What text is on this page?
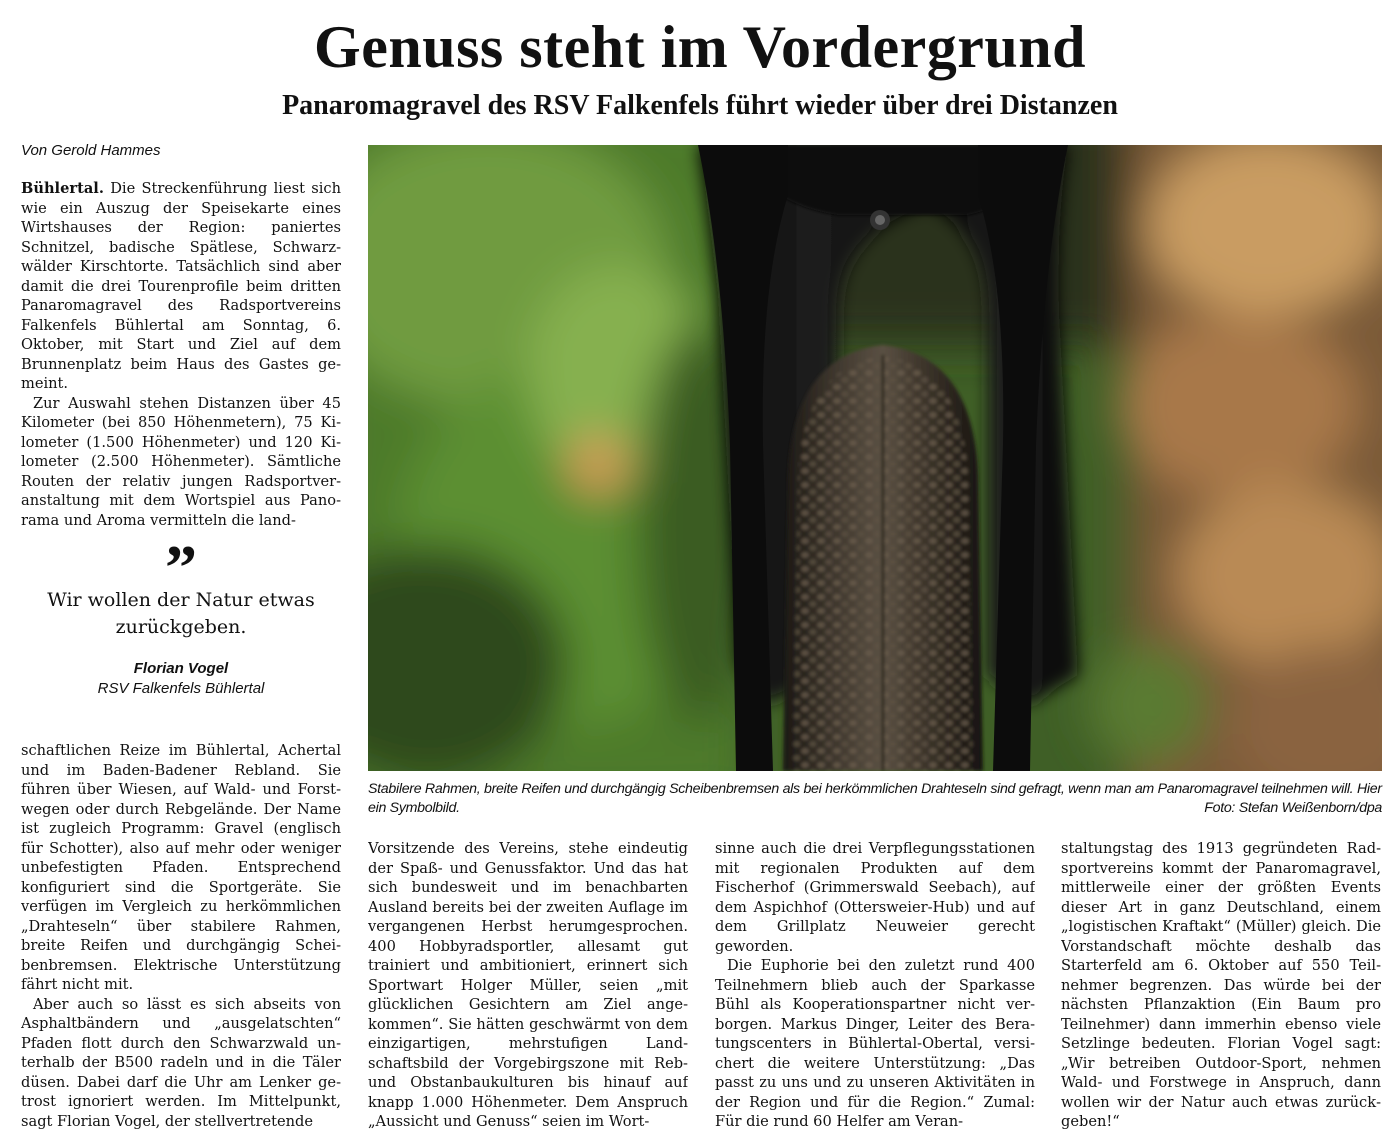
Genuss steht im Vordergrund
Panaromagravel des RSV Falkenfels führt wieder über drei Distanzen
Von Gerold Hammes

Bühlertal. Die Streckenführung liest sich wie ein Auszug der Speisekarte eines Wirtshauses der Region: paniertes Schnitzel, badische Spätlese, Schwarzwälder Kirschtorte. Tatsächlich sind aber damit die drei Tourenprofile beim dritten Panaromagravel des Radsportvereins Falkenfels Bühlertal am Sonntag, 6. Oktober, mit Start und Ziel auf dem Brunnenplatz beim Haus des Gastes gemeint.

Zur Auswahl stehen Distanzen über 45 Kilometer (bei 850 Höhenmetern), 75 Kilometer (1.500 Höhenmeter) und 120 Kilometer (2.500 Höhenmeter). Sämtliche Routen der relativ jungen Radsportveranstaltung mit dem Wortspiel aus Panorama und Aroma vermitteln die land-

”
Wir wollen der Natur etwas zurückgeben.
Florian Vogel
RSV Falkenfels Bühlertal

schaftlichen Reize im Bühlertal, Achertal und im Baden-Badener Rebland. Sie führen über Wiesen, auf Wald- und Forstwegen oder durch Rebgelände. Der Name ist zugleich Programm: Gravel (englisch für Schotter), also auf mehr oder weniger unbefestigten Pfaden. Entsprechend konfiguriert sind die Sportgeräte. Sie verfügen im Vergleich zu herkömmlichen „Drahteseln“ über stabilere Rahmen, breite Reifen und durchgängig Scheibenbremsen. Elektrische Unterstützung fährt nicht mit.

Aber auch so lässt es sich abseits von Asphaltbändern und „ausgelatschten“ Pfaden flott durch den Schwarzwald unterhalb der B500 radeln und in die Täler düsen. Dabei darf die Uhr am Lenker getrost ignoriert werden. Im Mittelpunkt, sagt Florian Vogel, der stellvertretende

Stabilere Rahmen, breite Reifen und durchgängig Scheibenbremsen als bei herkömmlichen Drahteseln sind gefragt, wenn man am Panaromagravel teilnehmen will. Hier ein Symbolbild.	Foto: Stefan Weißenborn/dpa

Vorsitzende des Vereins, stehe eindeutig der Spaß- und Genussfaktor. Und das hat sich bundesweit und im benachbarten Ausland bereits bei der zweiten Auflage im vergangenen Herbst herumgesprochen. 400 Hobbyradsportler, allesamt gut trainiert und ambitioniert, erinnert sich Sportwart Holger Müller, seien „mit glücklichen Gesichtern am Ziel angekommen“. Sie hätten geschwärmt von dem einzigartigen, mehrstufigen Landschaftsbild der Vorgebirgszone mit Reb- und Obstanbaukulturen bis hinauf auf knapp 1.000 Höhenmeter. Dem Anspruch „Aussicht und Genuss“ seien im Wort-

sinne auch die drei Verpflegungsstationen mit regionalen Produkten auf dem Fischerhof (Grimmerswald Seebach), auf dem Aspichhof (Ottersweier-Hub) und auf dem Grillplatz Neuweier gerecht geworden.

Die Euphorie bei den zuletzt rund 400 Teilnehmern blieb auch der Sparkasse Bühl als Kooperationspartner nicht verborgen. Markus Dinger, Leiter des Beratungscenters in Bühlertal-Obertal, versichert die weitere Unterstützung: „Das passt zu uns und zu unseren Aktivitäten in der Region und für die Region.“ Zumal: Für die rund 60 Helfer am Veran-

staltungstag des 1913 gegründeten Radsportvereins kommt der Panaromagravel, mittlerweile einer der größten Events dieser Art in ganz Deutschland, einem „logistischen Kraftakt“ (Müller) gleich. Die Vorstandschaft möchte deshalb das Starterfeld am 6. Oktober auf 550 Teilnehmer begrenzen. Das würde bei der nächsten Pflanzaktion (Ein Baum pro Teilnehmer) dann immerhin ebenso viele Setzlinge bedeuten. Florian Vogel sagt: „Wir betreiben Outdoor-Sport, nehmen Wald- und Forstwege in Anspruch, dann wollen wir der Natur auch etwas zurückgeben!“
